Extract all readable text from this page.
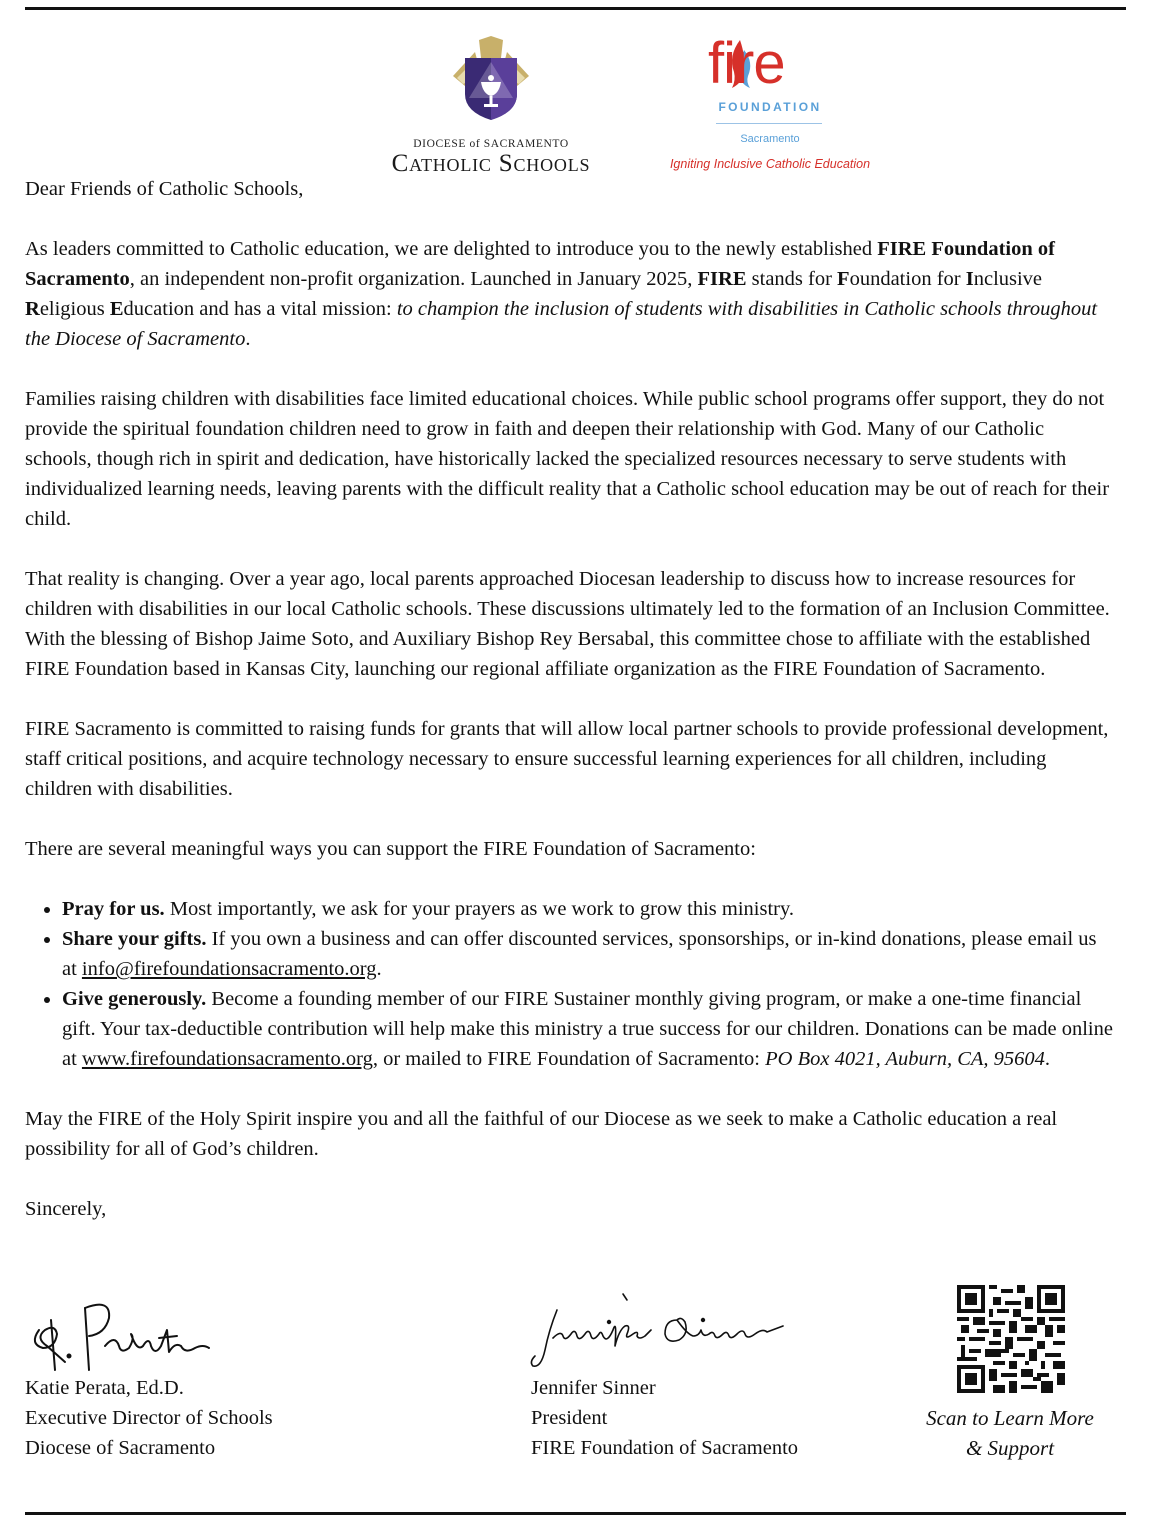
DIOCESE of SACRAMENTO
Catholic Schools
fire
FOUNDATION
Sacramento
Igniting Inclusive Catholic Education

Dear Friends of Catholic Schools,

As leaders committed to Catholic education, we are delighted to introduce you to the newly established FIRE Foundation of Sacramento, an independent non-profit organization. Launched in January 2025, FIRE stands for Foundation for Inclusive Religious Education and has a vital mission: to champion the inclusion of students with disabilities in Catholic schools throughout the Diocese of Sacramento.

Families raising children with disabilities face limited educational choices. While public school programs offer support, they do not provide the spiritual foundation children need to grow in faith and deepen their relationship with God. Many of our Catholic schools, though rich in spirit and dedication, have historically lacked the specialized resources necessary to serve students with individualized learning needs, leaving parents with the difficult reality that a Catholic school education may be out of reach for their child.

That reality is changing. Over a year ago, local parents approached Diocesan leadership to discuss how to increase resources for children with disabilities in our local Catholic schools. These discussions ultimately led to the formation of an Inclusion Committee. With the blessing of Bishop Jaime Soto, and Auxiliary Bishop Rey Bersabal, this committee chose to affiliate with the established FIRE Foundation based in Kansas City, launching our regional affiliate organization as the FIRE Foundation of Sacramento.

FIRE Sacramento is committed to raising funds for grants that will allow local partner schools to provide professional development, staff critical positions, and acquire technology necessary to ensure successful learning experiences for all children, including children with disabilities.

There are several meaningful ways you can support the FIRE Foundation of Sacramento:

• Pray for us. Most importantly, we ask for your prayers as we work to grow this ministry.
• Share your gifts. If you own a business and can offer discounted services, sponsorships, or in-kind donations, please email us at info@firefoundationsacramento.org.
• Give generously. Become a founding member of our FIRE Sustainer monthly giving program, or make a one-time financial gift. Your tax-deductible contribution will help make this ministry a true success for our children. Donations can be made online at www.firefoundationsacramento.org, or mailed to FIRE Foundation of Sacramento: PO Box 4021, Auburn, CA, 95604.

May the FIRE of the Holy Spirit inspire you and all the faithful of our Diocese as we seek to make a Catholic education a real possibility for all of God’s children.

Sincerely,

Katie Perata, Ed.D.
Executive Director of Schools
Diocese of Sacramento
Jennifer Sinner
President
FIRE Foundation of Sacramento
Scan to Learn More
& Support
